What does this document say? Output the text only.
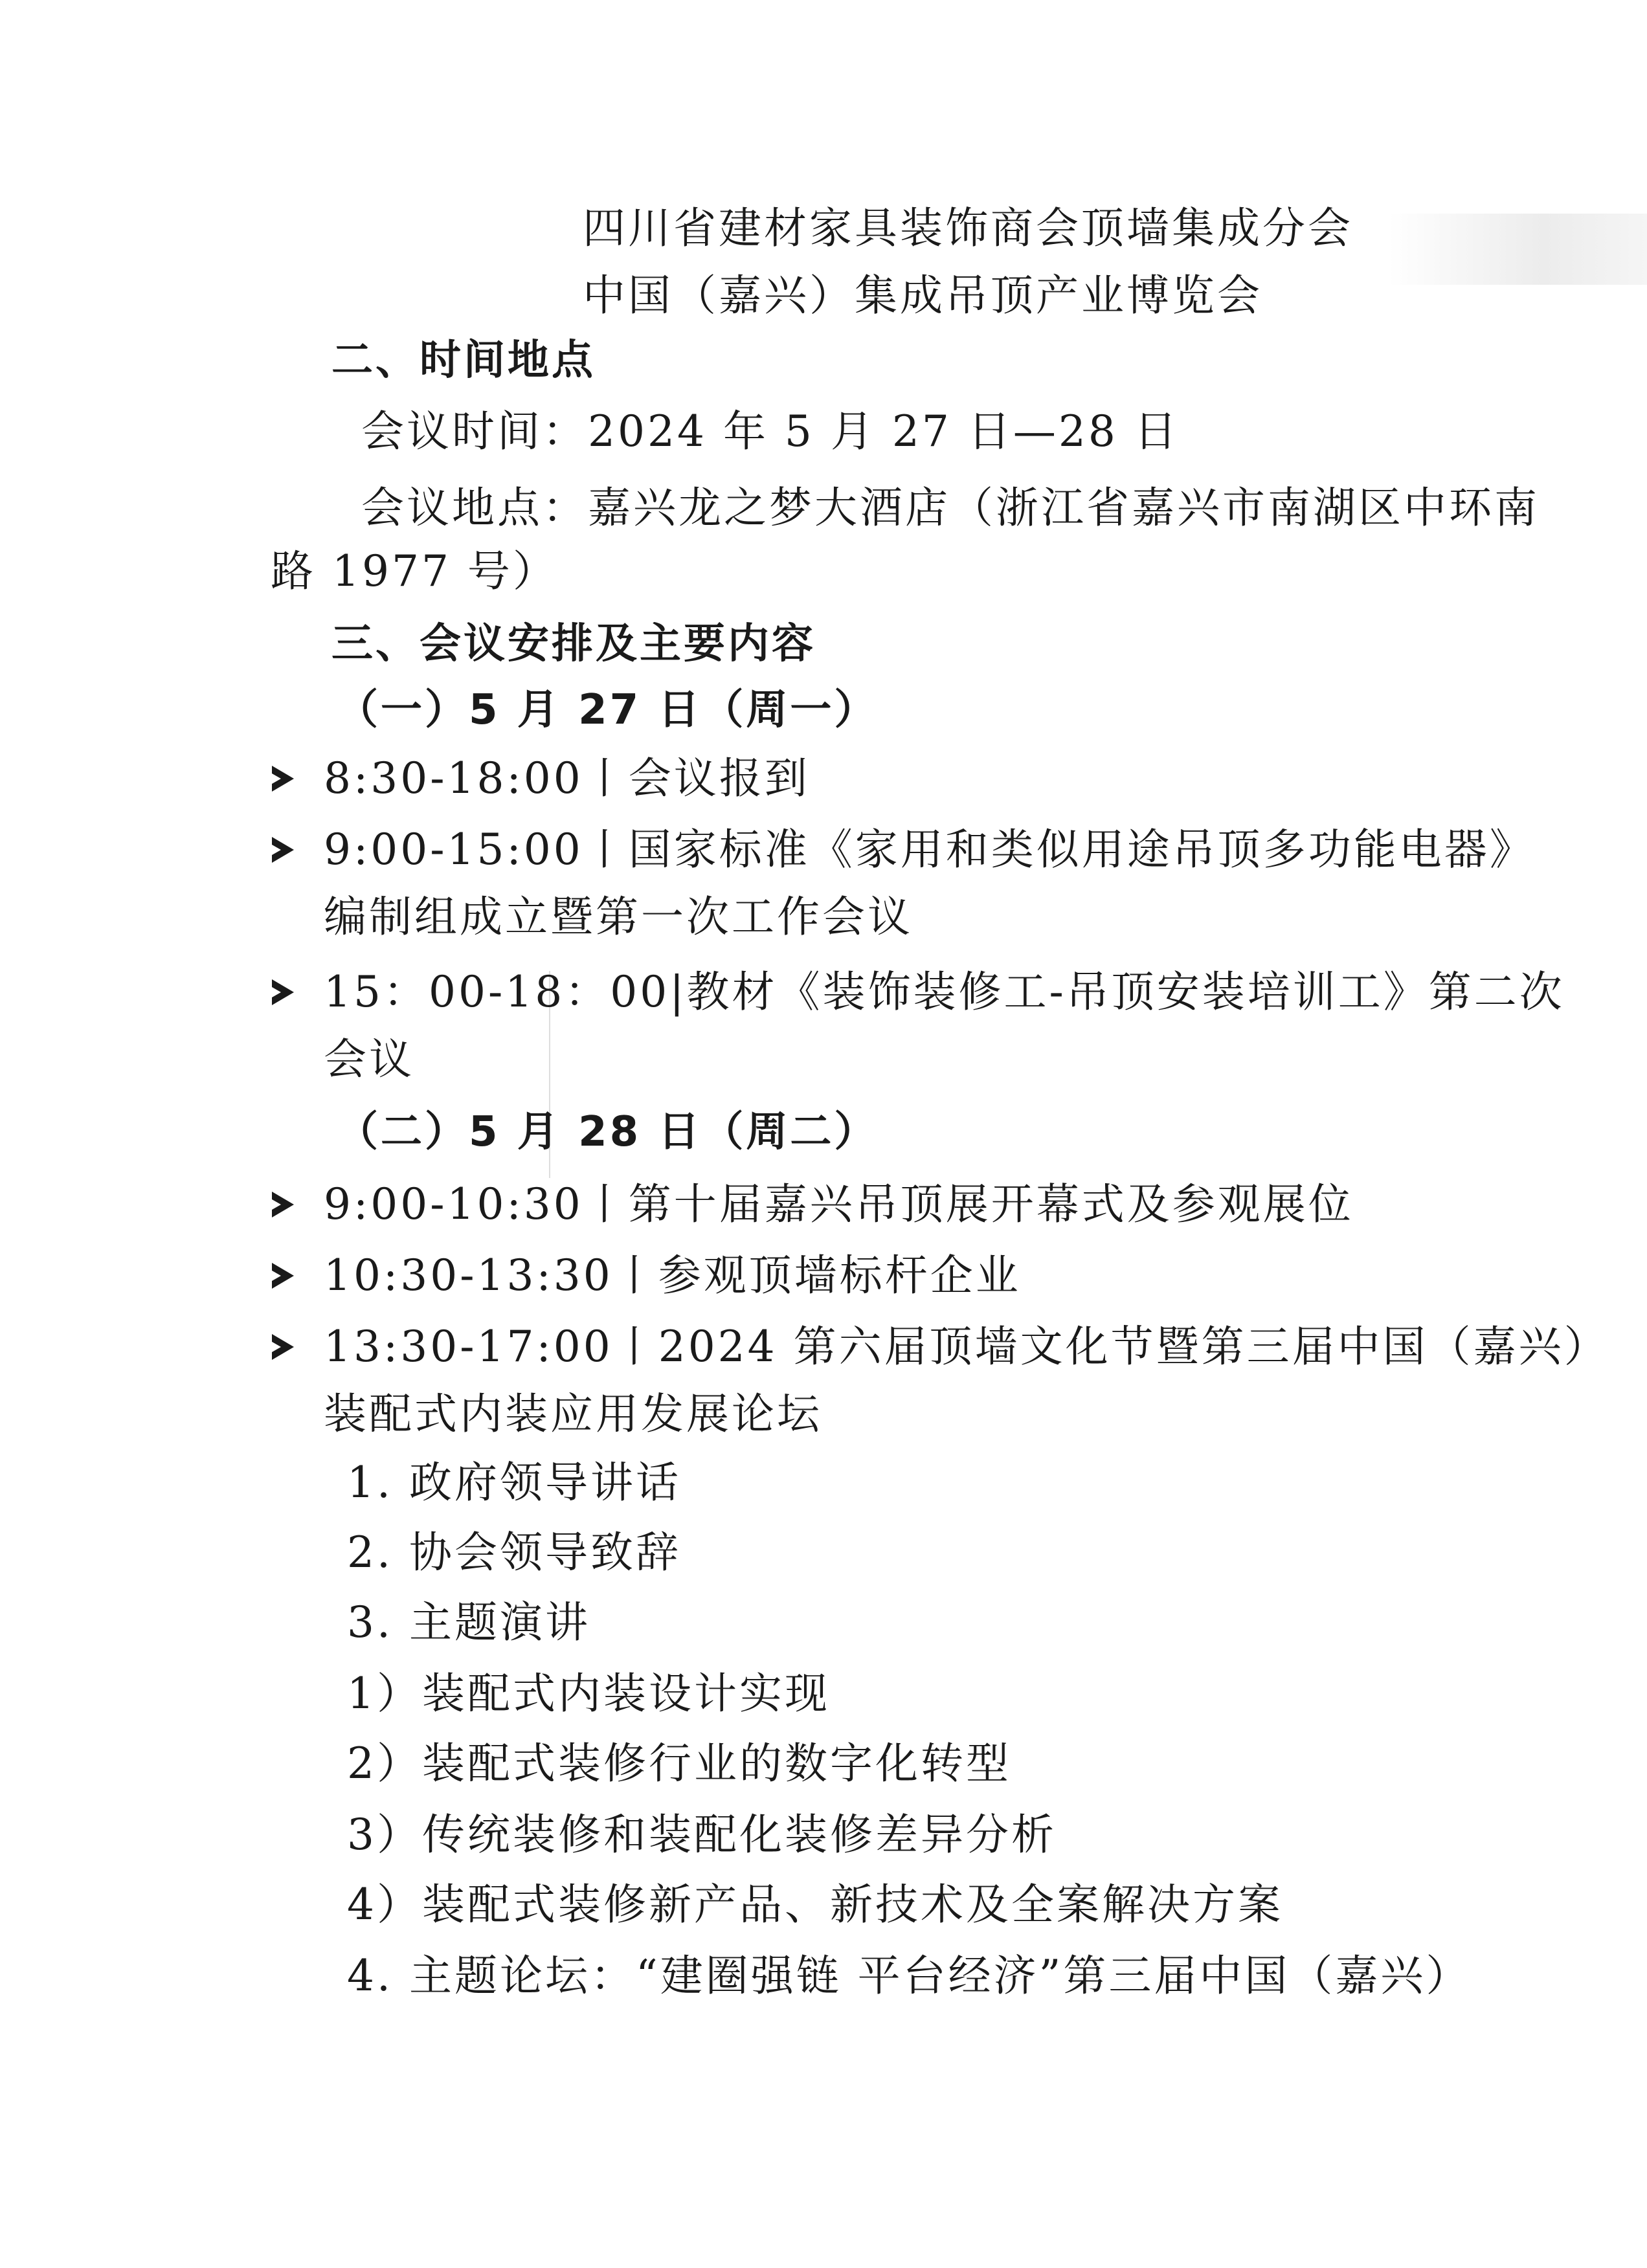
四川省建材家具装饰商会顶墙集成分会
中国（嘉兴）集成吊顶产业博览会
二、时间地点
会议时间：2024 年 5 月 27 日—28 日
会议地点：嘉兴龙之梦大酒店（浙江省嘉兴市南湖区中环南
路 1977 号）
三、会议安排及主要内容
（一）5 月 27 日（周一）
8:30-18:00丨会议报到
9:00-15:00丨国家标准《家用和类似用途吊顶多功能电器》
编制组成立暨第一次工作会议
15：00-18：00|教材《装饰装修工-吊顶安装培训工》第二次
会议
（二）5 月 28 日（周二）
9:00-10:30丨第十届嘉兴吊顶展开幕式及参观展位
10:30-13:30丨参观顶墙标杆企业
13:30-17:00丨2024 第六届顶墙文化节暨第三届中国（嘉兴）
装配式内装应用发展论坛
1. 政府领导讲话
2. 协会领导致辞
3. 主题演讲
1）装配式内装设计实现
2）装配式装修行业的数字化转型
3）传统装修和装配化装修差异分析
4）装配式装修新产品、新技术及全案解决方案
4. 主题论坛：“建圈强链 平台经济”第三届中国（嘉兴）
